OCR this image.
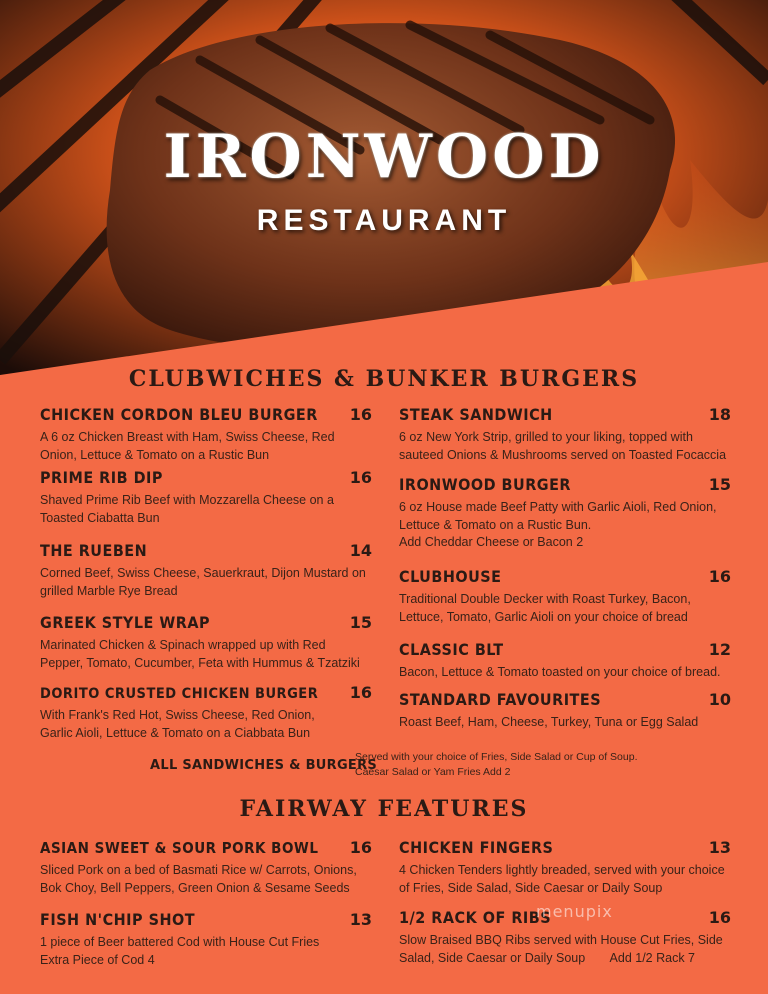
IRONWOOD
RESTAURANT
CLUBWICHES & BUNKER BURGERS
CHICKEN CORDON BLEU BURGER 16
A 6 oz Chicken Breast with Ham, Swiss Cheese, Red Onion, Lettuce & Tomato on a Rustic Bun
PRIME RIB DIP	16
Shaved Prime Rib Beef with Mozzarella Cheese on a Toasted Ciabatta Bun
THE RUEBEN	14
Corned Beef, Swiss Cheese, Sauerkraut, Dijon Mustard on grilled Marble Rye Bread
GREEK STYLE WRAP	15
Marinated Chicken & Spinach wrapped up with Red Pepper, Tomato, Cucumber, Feta with Hummus & Tzatziki
DORITO CRUSTED CHICKEN BURGER 16
With Frank's Red Hot, Swiss Cheese, Red Onion, Garlic Aioli, Lettuce & Tomato on a Ciabbata Bun
STEAK SANDWICH	18
6 oz New York Strip, grilled to your liking, topped with sauteed Onions & Mushrooms served on Toasted Focaccia
IRONWOOD BURGER	15
6 oz House made Beef Patty with Garlic Aioli, Red Onion, Lettuce & Tomato on a Rustic Bun.
Add Cheddar Cheese or Bacon 2
CLUBHOUSE	16
Traditional Double Decker with Roast Turkey, Bacon, Lettuce, Tomato, Garlic Aioli on your choice of bread
CLASSIC BLT	12
Bacon, Lettuce & Tomato toasted on your choice of bread.
STANDARD FAVOURITES	10
Roast Beef, Ham, Cheese, Turkey, Tuna or Egg Salad
ALL SANDWICHES & BURGERS
Served with your choice of Fries, Side Salad or Cup of Soup.
Caesar Salad or Yam Fries Add 2
FAIRWAY FEATURES
ASIAN SWEET & SOUR PORK BOWL 16
Sliced Pork on a bed of Basmati Rice w/ Carrots, Onions, Bok Choy, Bell Peppers, Green Onion & Sesame Seeds
FISH N'CHIP SHOT	13
1 piece of Beer battered Cod with House Cut Fries
Extra Piece of Cod 4
CHICKEN FINGERS	13
4 Chicken Tenders lightly breaded, served with your choice of Fries, Side Salad, Side Caesar or Daily Soup
1/2 RACK OF RIBS	16
Slow Braised BBQ Ribs served with House Cut Fries, Side Salad, Side Caesar or Daily Soup Add 1/2 Rack 7
menupix
